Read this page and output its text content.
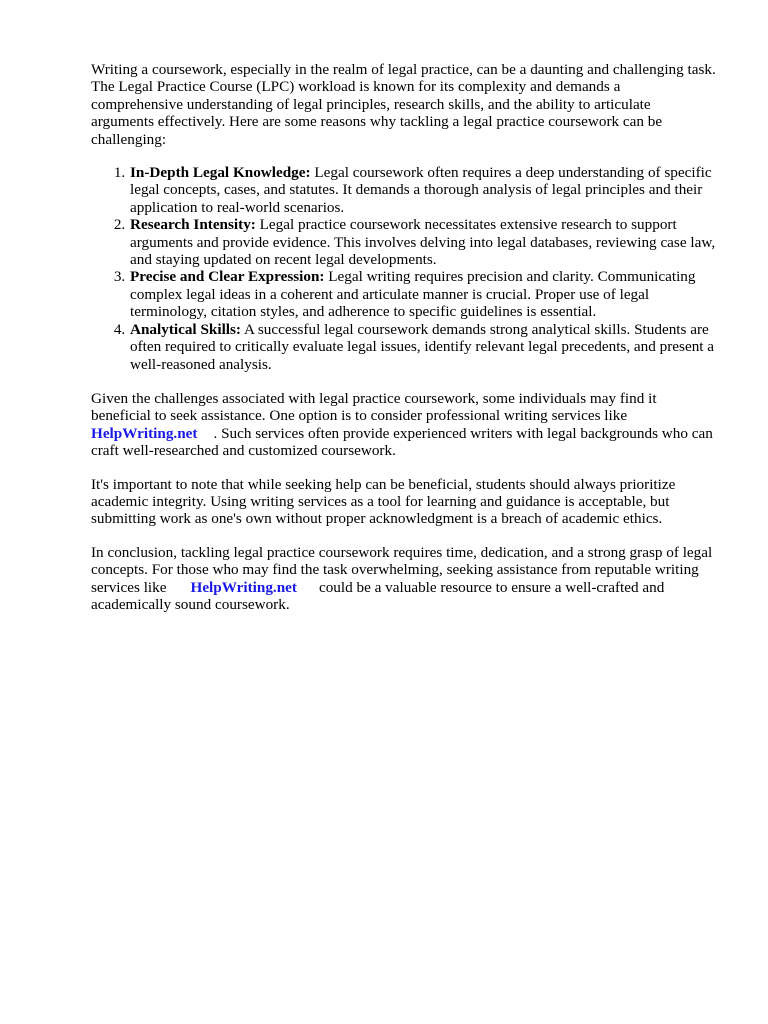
Writing a coursework, especially in the realm of legal practice, can be a daunting and challenging task. The Legal Practice Course (LPC) workload is known for its complexity and demands a comprehensive understanding of legal principles, research skills, and the ability to articulate arguments effectively. Here are some reasons why tackling a legal practice coursework can be challenging:

1. In-Depth Legal Knowledge: Legal coursework often requires a deep understanding of specific legal concepts, cases, and statutes. It demands a thorough analysis of legal principles and their application to real-world scenarios.
2. Research Intensity: Legal practice coursework necessitates extensive research to support arguments and provide evidence. This involves delving into legal databases, reviewing case law, and staying updated on recent legal developments.
3. Precise and Clear Expression: Legal writing requires precision and clarity. Communicating complex legal ideas in a coherent and articulate manner is crucial. Proper use of legal terminology, citation styles, and adherence to specific guidelines is essential.
4. Analytical Skills: A successful legal coursework demands strong analytical skills. Students are often required to critically evaluate legal issues, identify relevant legal precedents, and present a well-reasoned analysis.

Given the challenges associated with legal practice coursework, some individuals may find it beneficial to seek assistance. One option is to consider professional writing services like HelpWriting.net . Such services often provide experienced writers with legal backgrounds who can craft well-researched and customized coursework.

It's important to note that while seeking help can be beneficial, students should always prioritize academic integrity. Using writing services as a tool for learning and guidance is acceptable, but submitting work as one's own without proper acknowledgment is a breach of academic ethics.

In conclusion, tackling legal practice coursework requires time, dedication, and a strong grasp of legal concepts. For those who may find the task overwhelming, seeking assistance from reputable writing services like HelpWriting.net could be a valuable resource to ensure a well-crafted and academically sound coursework.
